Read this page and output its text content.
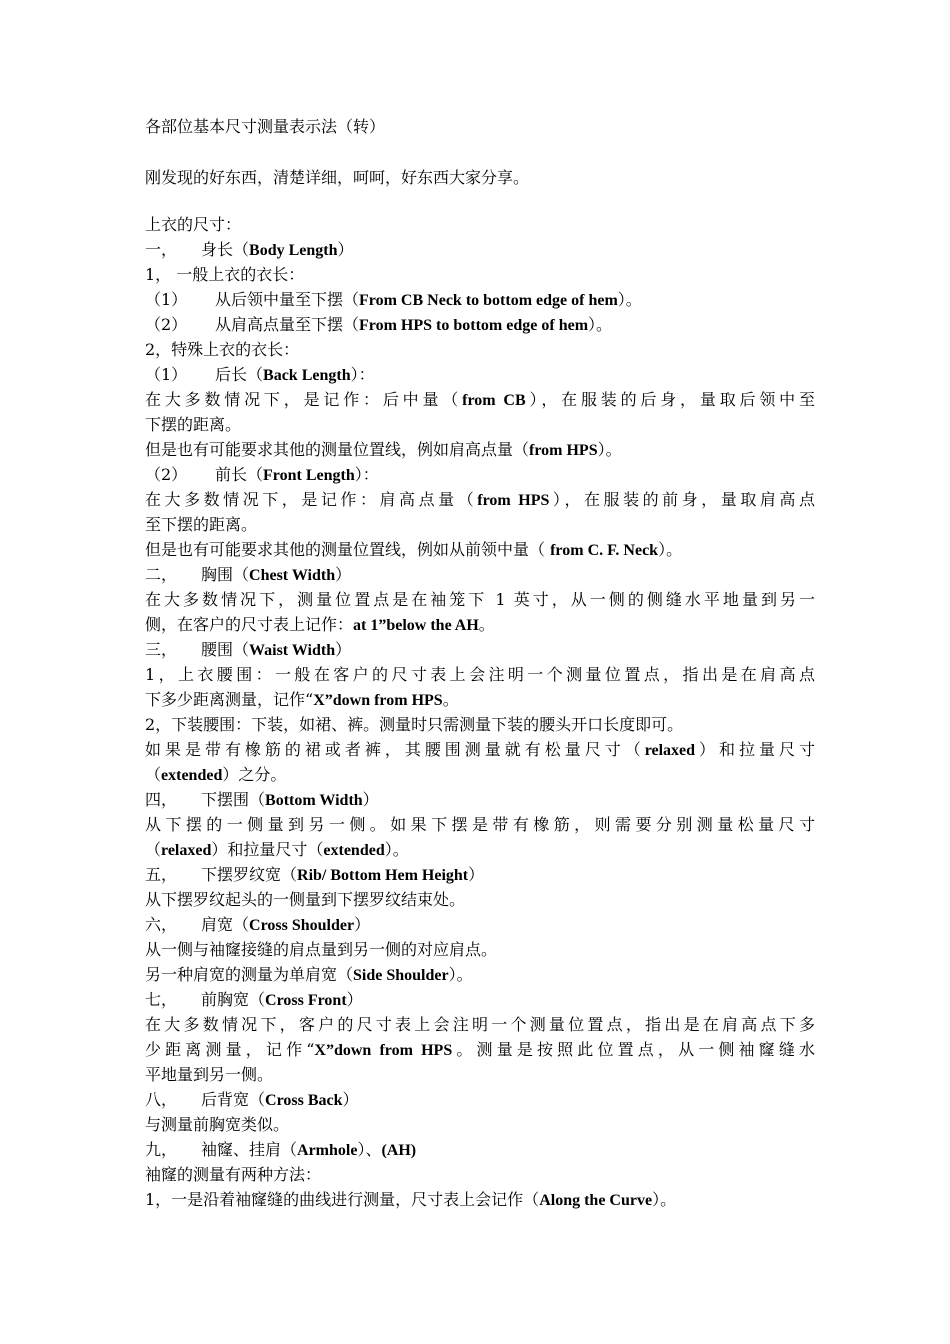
各部位基本尺寸测量表示法（转）
刚发现的好东西，清楚详细，呵呵，好东西大家分享。
上衣的尺寸：
一， 身长（Body Length）
1， 一般上衣的衣长：
（1） 从后领中量至下摆（From CB Neck to bottom edge of hem）。
（2） 从肩高点量至下摆（From HPS to bottom edge of hem）。
2，特殊上衣的衣长：
（1） 后长（Back Length）：
在大多数情况下，是记作：后中量（from CB），在服装的后身，量取后领中至
下摆的距离。
但是也有可能要求其他的测量位置线，例如肩高点量（from HPS）。
（2） 前长（Front Length）：
在大多数情况下，是记作：肩高点量（from HPS），在服装的前身，量取肩高点
至下摆的距离。
但是也有可能要求其他的测量位置线，例如从前领中量（ from C. F. Neck）。
二， 胸围（Chest Width）
在大多数情况下，测量位置点是在袖笼下 1 英寸，从一侧的侧缝水平地量到另一
侧，在客户的尺寸表上记作：at 1”below the AH。
三， 腰围（Waist Width）
1，上衣腰围：一般在客户的尺寸表上会注明一个测量位置点，指出是在肩高点
下多少距离测量，记作“X”down from HPS。
2，下装腰围：下装，如裙、裤。测量时只需测量下装的腰头开口长度即可。
如果是带有橡筋的裙或者裤，其腰围测量就有松量尺寸（relaxed）和拉量尺寸
（extended）之分。
四， 下摆围（Bottom Width）
从下摆的一侧量到另一侧。如果下摆是带有橡筋，则需要分别测量松量尺寸
（relaxed）和拉量尺寸（extended）。
五， 下摆罗纹宽（Rib/ Bottom Hem Height）
从下摆罗纹起头的一侧量到下摆罗纹结束处。
六， 肩宽（Cross Shoulder）
从一侧与袖窿接缝的肩点量到另一侧的对应肩点。
另一种肩宽的测量为单肩宽（Side Shoulder）。
七， 前胸宽（Cross Front）
在大多数情况下，客户的尺寸表上会注明一个测量位置点，指出是在肩高点下多
少距离测量，记作“X”down from HPS。测量是按照此位置点，从一侧袖窿缝水
平地量到另一侧。
八， 后背宽（Cross Back）
与测量前胸宽类似。
九， 袖窿、挂肩（Armhole）、(AH)
袖窿的测量有两种方法：
1，一是沿着袖窿缝的曲线进行测量，尺寸表上会记作（Along the Curve）。
